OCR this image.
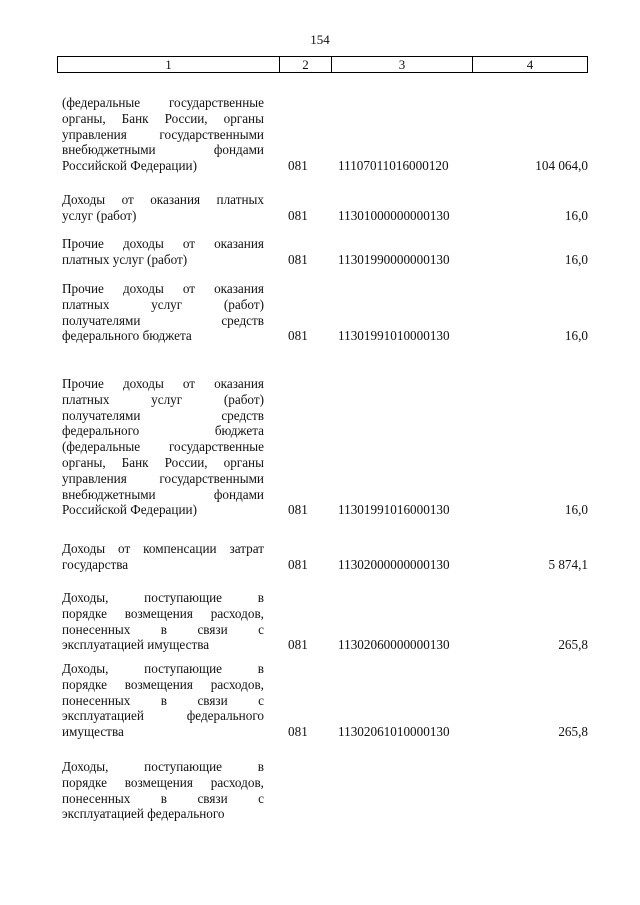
154
1	2	3	4
(федеральные государственные
органы, Банк России, органы
управления государственными
внебюджетными	фондами
Российской Федерации)	081 11107011016000120	104 064,0
Доходы от оказания платных
услуг (работ)	081 11301000000000130	16,0
Прочие доходы от оказания
платных услуг (работ)	081 11301990000000130	16,0
Прочие доходы от оказания
платных	услуг	(работ)
получателями	средств
федерального бюджета	081 11301991010000130	16,0
Прочие доходы от оказания
платных	услуг	(работ)
получателями	средств
федерального	бюджета
(федеральные государственные
органы, Банк России, органы
управления государственными
внебюджетными	фондами
Российской Федерации)	081 11301991016000130	16,0
Доходы от компенсации затрат
государства	081 11302000000000130	5 874,1
Доходы,	поступающие	в
порядке возмещения расходов,
понесенных в связи с
эксплуатацией имущества	081 11302060000000130	265,8
Доходы,	поступающие	в
порядке возмещения расходов,
понесенных в связи с
эксплуатацией	федерального
имущества	081 11302061010000130	265,8
Доходы,	поступающие	в
порядке возмещения расходов,
понесенных в связи с
эксплуатацией федерального
